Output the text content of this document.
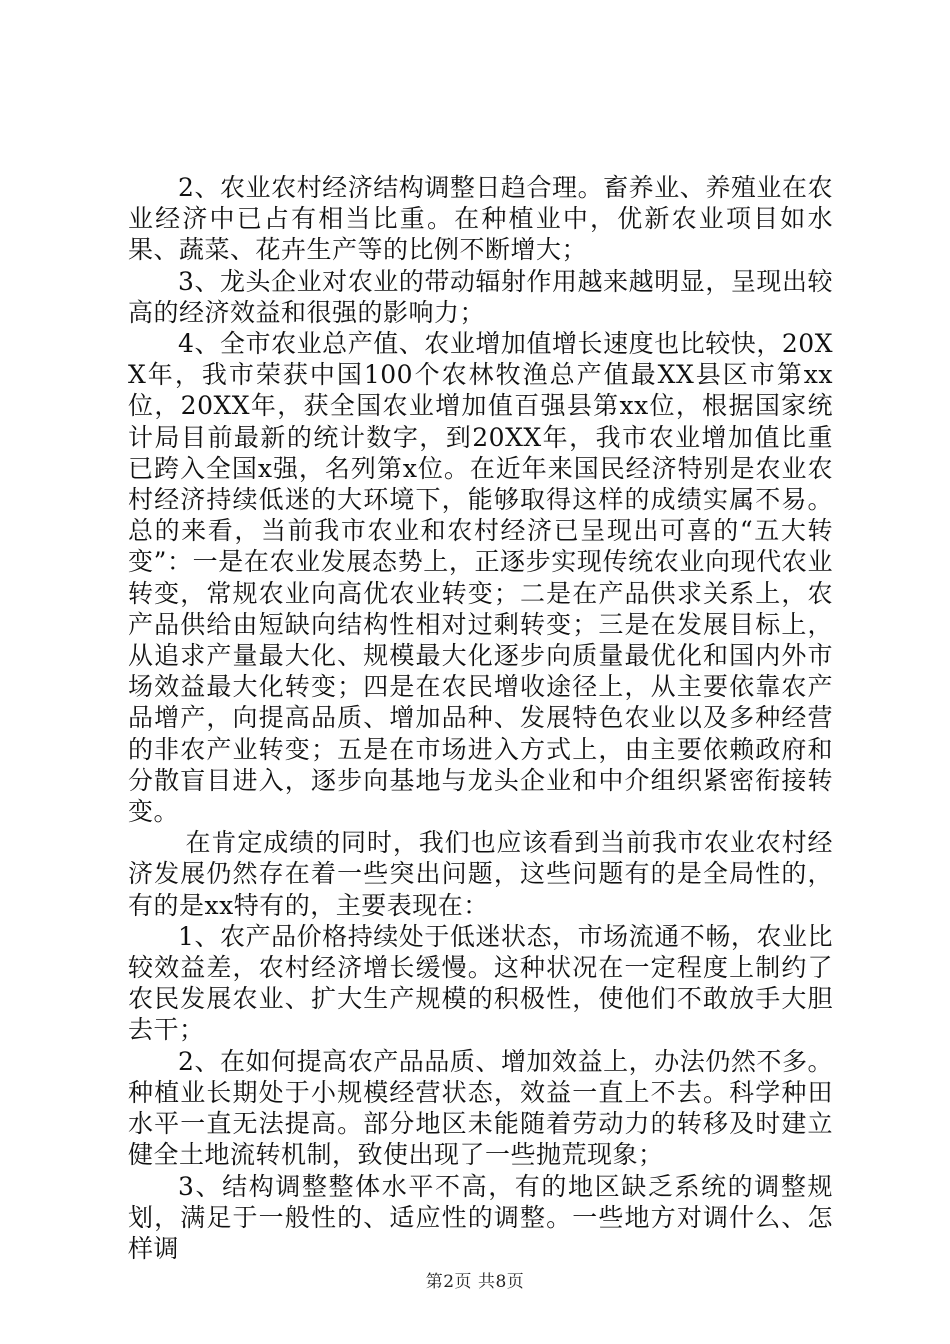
2、农业农村经济结构调整日趋合理。畜养业、养殖业在农业经济中已占有相当比重。在种植业中，优新农业项目如水果、蔬菜、花卉生产等的比例不断增大；

3、龙头企业对农业的带动辐射作用越来越明显，呈现出较高的经济效益和很强的影响力；

4、全市农业总产值、农业增加值增长速度也比较快，20XX年，我市荣获中国100个农林牧渔总产值最XX县区市第xx位，20XX年，获全国农业增加值百强县第xx位，根据国家统计局目前最新的统计数字，到20XX年，我市农业增加值比重已跨入全国x强，名列第x位。在近年来国民经济特别是农业农村经济持续低迷的大环境下，能够取得这样的成绩实属不易。总的来看，当前我市农业和农村经济已呈现出可喜的“五大转变”：一是在农业发展态势上，正逐步实现传统农业向现代农业转变，常规农业向高优农业转变；二是在产品供求关系上，农产品供给由短缺向结构性相对过剩转变；三是在发展目标上，从追求产量最大化、规模最大化逐步向质量最优化和国内外市场效益最大化转变；四是在农民增收途径上，从主要依靠农产品增产，向提高品质、增加品种、发展特色农业以及多种经营的非农产业转变；五是在市场进入方式上，由主要依赖政府和分散盲目进入，逐步向基地与龙头企业和中介组织紧密衔接转变。

在肯定成绩的同时，我们也应该看到当前我市农业农村经济发展仍然存在着一些突出问题，这些问题有的是全局性的，有的是xx特有的，主要表现在：

1、农产品价格持续处于低迷状态，市场流通不畅，农业比较效益差，农村经济增长缓慢。这种状况在一定程度上制约了农民发展农业、扩大生产规模的积极性，使他们不敢放手大胆去干；

2、在如何提高农产品品质、增加效益上，办法仍然不多。种植业长期处于小规模经营状态，效益一直上不去。科学种田水平一直无法提高。部分地区未能随着劳动力的转移及时建立健全土地流转机制，致使出现了一些抛荒现象；

3、结构调整整体水平不高，有的地区缺乏系统的调整规划，满足于一般性的、适应性的调整。一些地方对调什么、怎样调

第2页 共8页
